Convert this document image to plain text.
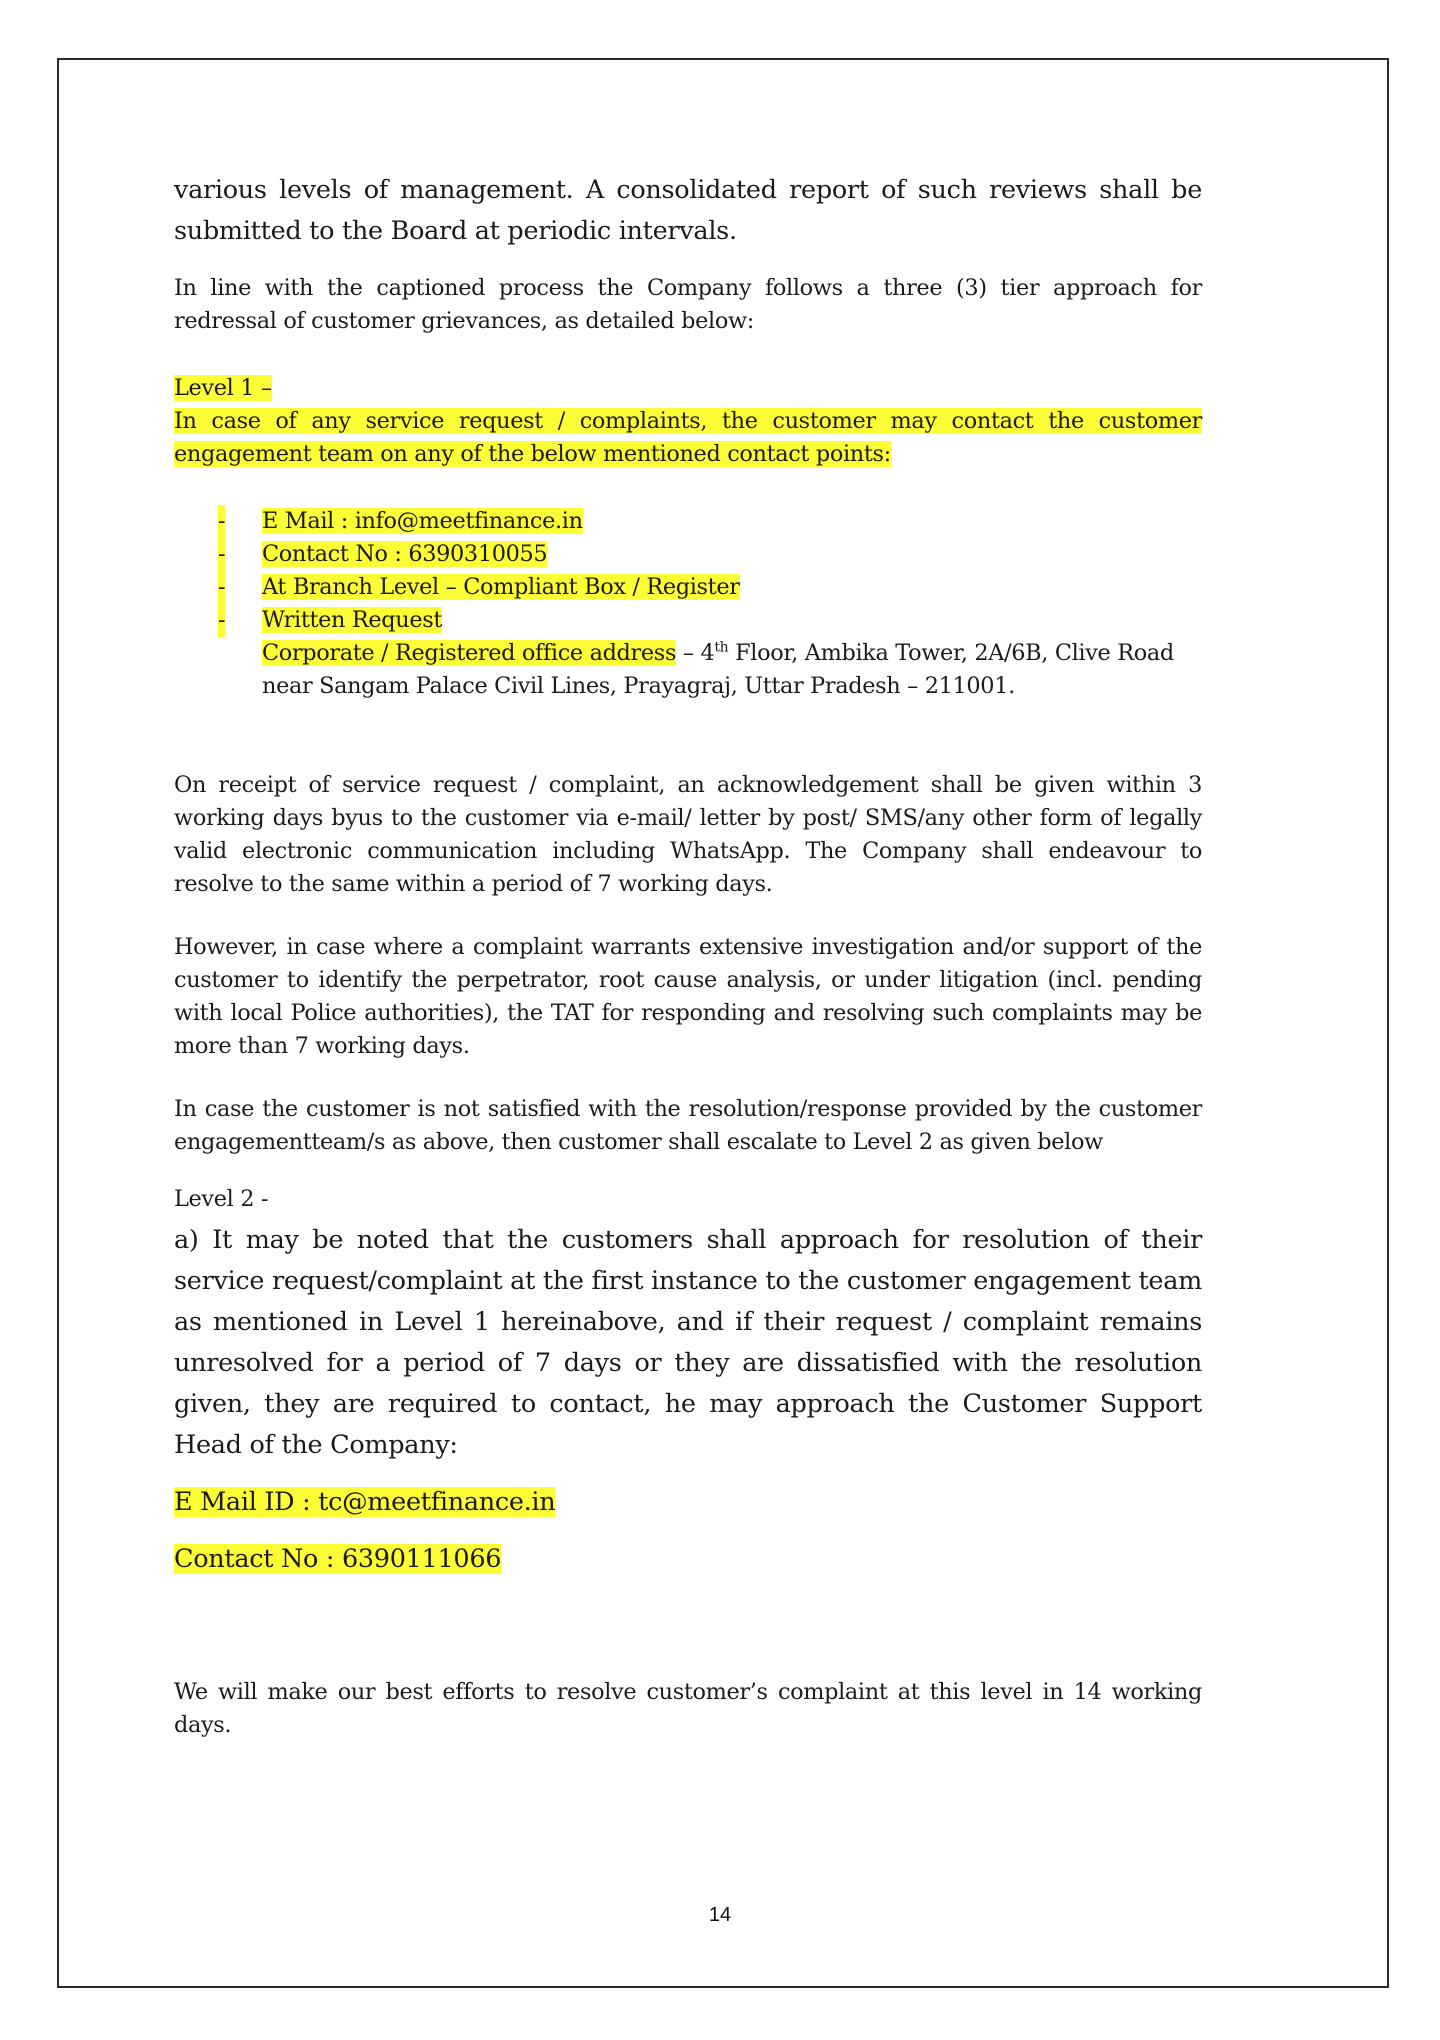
various levels of management. A consolidated report of such reviews shall be submitted to the Board at periodic intervals.

In line with the captioned process the Company follows a three (3) tier approach for redressal of customer grievances, as detailed below:

Level 1 –
In case of any service request / complaints, the customer may contact the customer engagement team on any of the below mentioned contact points:

- E Mail : info@meetfinance.in
- Contact No : 6390310055
- At Branch Level – Compliant Box / Register
- Written Request
Corporate / Registered office address – 4th Floor, Ambika Tower, 2A/6B, Clive Road near Sangam Palace Civil Lines, Prayagraj, Uttar Pradesh – 211001.

On receipt of service request / complaint, an acknowledgement shall be given within 3 working days byus to the customer via e-mail/ letter by post/ SMS/any other form of legally valid electronic communication including WhatsApp. The Company shall endeavour to resolve to the same within a period of 7 working days.

However, in case where a complaint warrants extensive investigation and/or support of the customer to identify the perpetrator, root cause analysis, or under litigation (incl. pending with local Police authorities), the TAT for responding and resolving such complaints may be more than 7 working days.

In case the customer is not satisfied with the resolution/response provided by the customer engagementteam/s as above, then customer shall escalate to Level 2 as given below

Level 2 -

a) It may be noted that the customers shall approach for resolution of their service request/complaint at the first instance to the customer engagement team as mentioned in Level 1 hereinabove, and if their request / complaint remains unresolved for a period of 7 days or they are dissatisfied with the resolution given, they are required to contact, he may approach the Customer Support Head of the Company:

E Mail ID : tc@meetfinance.in

Contact No : 6390111066

We will make our best efforts to resolve customer’s complaint at this level in 14 working days.

14
